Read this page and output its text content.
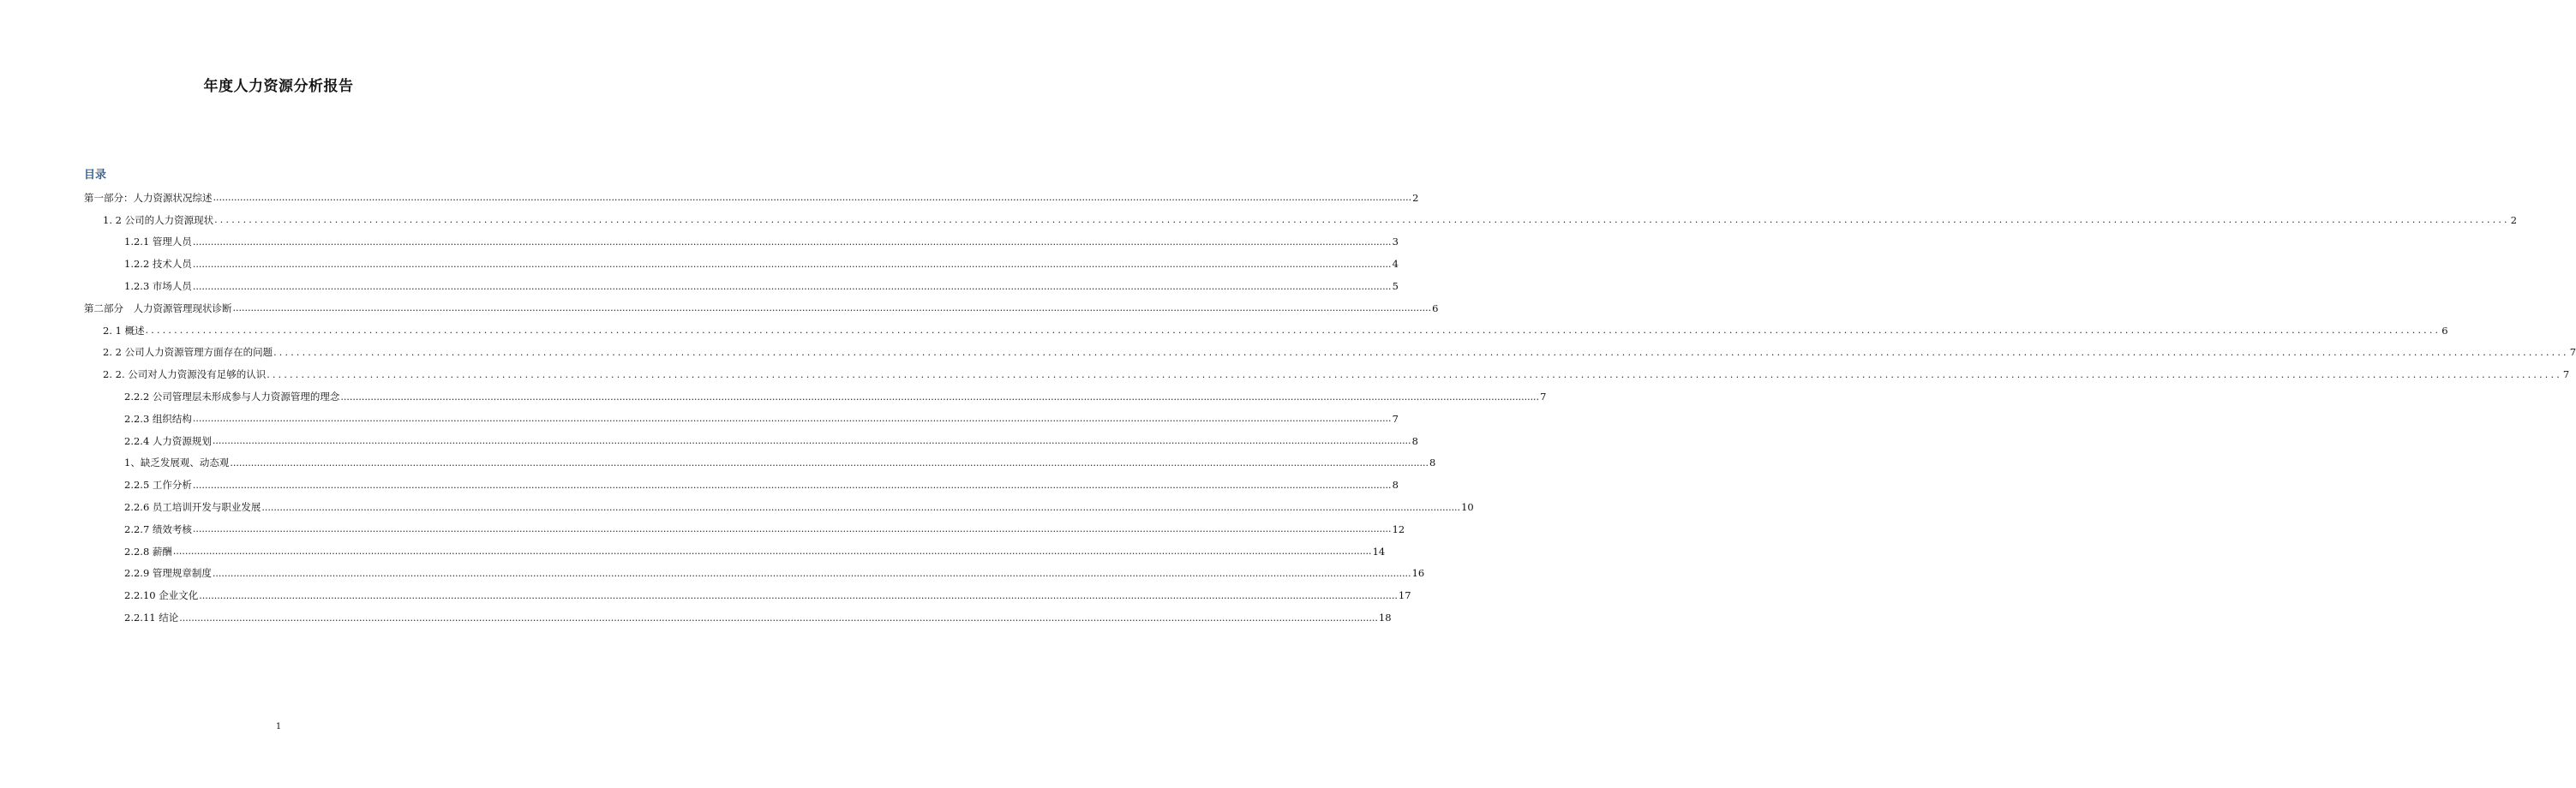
年度人力资源分析报告
目录
第一部分：人力资源状况综述 ................................................................................................................................................................................................................................................................................................................................................................................................................ 2
1. 2 公司的人力资源现状 ................................................................................................................................................................................................................................................................................................................................................................................................................ 2
1.2.1 管理人员 ................................................................................................................................................................................................................................................................................................................................................................................................................ 3
1.2.2 技术人员 ................................................................................................................................................................................................................................................................................................................................................................................................................ 4
1.2.3 市场人员 ................................................................................................................................................................................................................................................................................................................................................................................................................ 5
第二部分　人力资源管理现状诊断 ................................................................................................................................................................................................................................................................................................................................................................................................................ 6
2. 1 概述 ................................................................................................................................................................................................................................................................................................................................................................................................................ 6
2. 2 公司人力资源管理方面存在的问题 ................................................................................................................................................................................................................................................................................................................................................................................................................ 7
2. 2. 公司对人力资源没有足够的认识 ................................................................................................................................................................................................................................................................................................................................................................................................................ 7
2.2.2 公司管理层未形成参与人力资源管理的理念 ................................................................................................................................................................................................................................................................................................................................................................................................................ 7
2.2.3 组织结构 ................................................................................................................................................................................................................................................................................................................................................................................................................ 7
2.2.4 人力资源规划 ................................................................................................................................................................................................................................................................................................................................................................................................................ 8
1、缺乏发展观、动态观 ................................................................................................................................................................................................................................................................................................................................................................................................................ 8
2.2.5 工作分析 ................................................................................................................................................................................................................................................................................................................................................................................................................ 8
2.2.6 员工培训开发与职业发展 ................................................................................................................................................................................................................................................................................................................................................................................................................ 10
2.2.7 绩效考核 ................................................................................................................................................................................................................................................................................................................................................................................................................ 12
2.2.8 薪酬 ................................................................................................................................................................................................................................................................................................................................................................................................................ 14
2.2.9 管理规章制度 ................................................................................................................................................................................................................................................................................................................................................................................................................ 16
2.2.10 企业文化 ................................................................................................................................................................................................................................................................................................................................................................................................................ 17
2.2.11 结论 ................................................................................................................................................................................................................................................................................................................................................................................................................ 18
1
